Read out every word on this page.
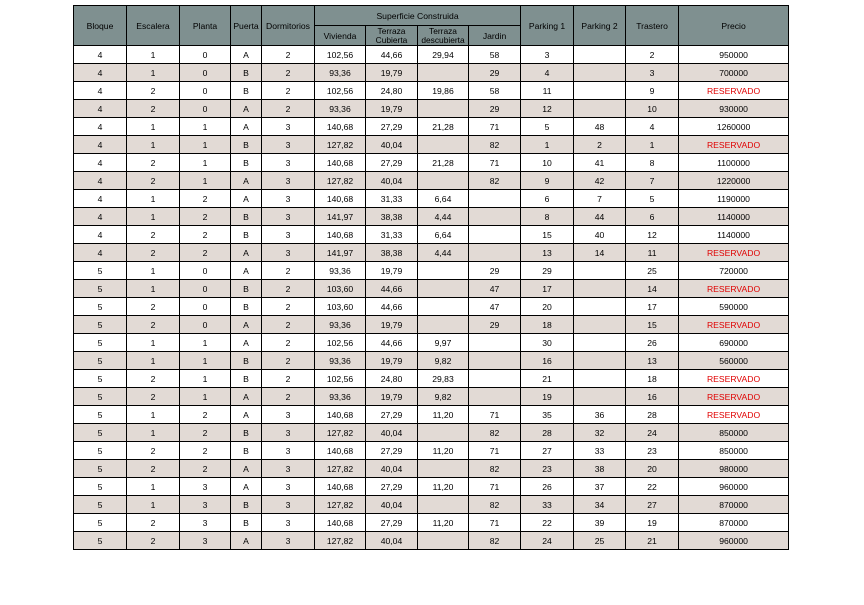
Bloque	Escalera	Planta	Puerta	Dormitorios	Superficie Construida				Parking 1	Parking 2	Trastero	Precio
					Vivienda	Terraza Cubierta	Terraza descubierta	Jardin				
4	1	0	A	2	102,56	44,66	29,94	58	3		2	950000
4	1	0	B	2	93,36	19,79		29	4		3	700000
4	2	0	B	2	102,56	24,80	19,86	58	11		9	RESERVADO
4	2	0	A	2	93,36	19,79		29	12		10	930000
4	1	1	A	3	140,68	27,29	21,28	71	5	48	4	1260000
4	1	1	B	3	127,82	40,04		82	1	2	1	RESERVADO
4	2	1	B	3	140,68	27,29	21,28	71	10	41	8	1100000
4	2	1	A	3	127,82	40,04		82	9	42	7	1220000
4	1	2	A	3	140,68	31,33	6,64		6	7	5	1190000
4	1	2	B	3	141,97	38,38	4,44		8	44	6	1140000
4	2	2	B	3	140,68	31,33	6,64		15	40	12	1140000
4	2	2	A	3	141,97	38,38	4,44		13	14	11	RESERVADO
5	1	0	A	2	93,36	19,79		29	29		25	720000
5	1	0	B	2	103,60	44,66		47	17		14	RESERVADO
5	2	0	B	2	103,60	44,66		47	20		17	590000
5	2	0	A	2	93,36	19,79		29	18		15	RESERVADO
5	1	1	A	2	102,56	44,66	9,97		30		26	690000
5	1	1	B	2	93,36	19,79	9,82		16		13	560000
5	2	1	B	2	102,56	24,80	29,83		21		18	RESERVADO
5	2	1	A	2	93,36	19,79	9,82		19		16	RESERVADO
5	1	2	A	3	140,68	27,29	11,20	71	35	36	28	RESERVADO
5	1	2	B	3	127,82	40,04		82	28	32	24	850000
5	2	2	B	3	140,68	27,29	11,20	71	27	33	23	850000
5	2	2	A	3	127,82	40,04		82	23	38	20	980000
5	1	3	A	3	140,68	27,29	11,20	71	26	37	22	960000
5	1	3	B	3	127,82	40,04		82	33	34	27	870000
5	2	3	B	3	140,68	27,29	11,20	71	22	39	19	870000
5	2	3	A	3	127,82	40,04		82	24	25	21	960000
